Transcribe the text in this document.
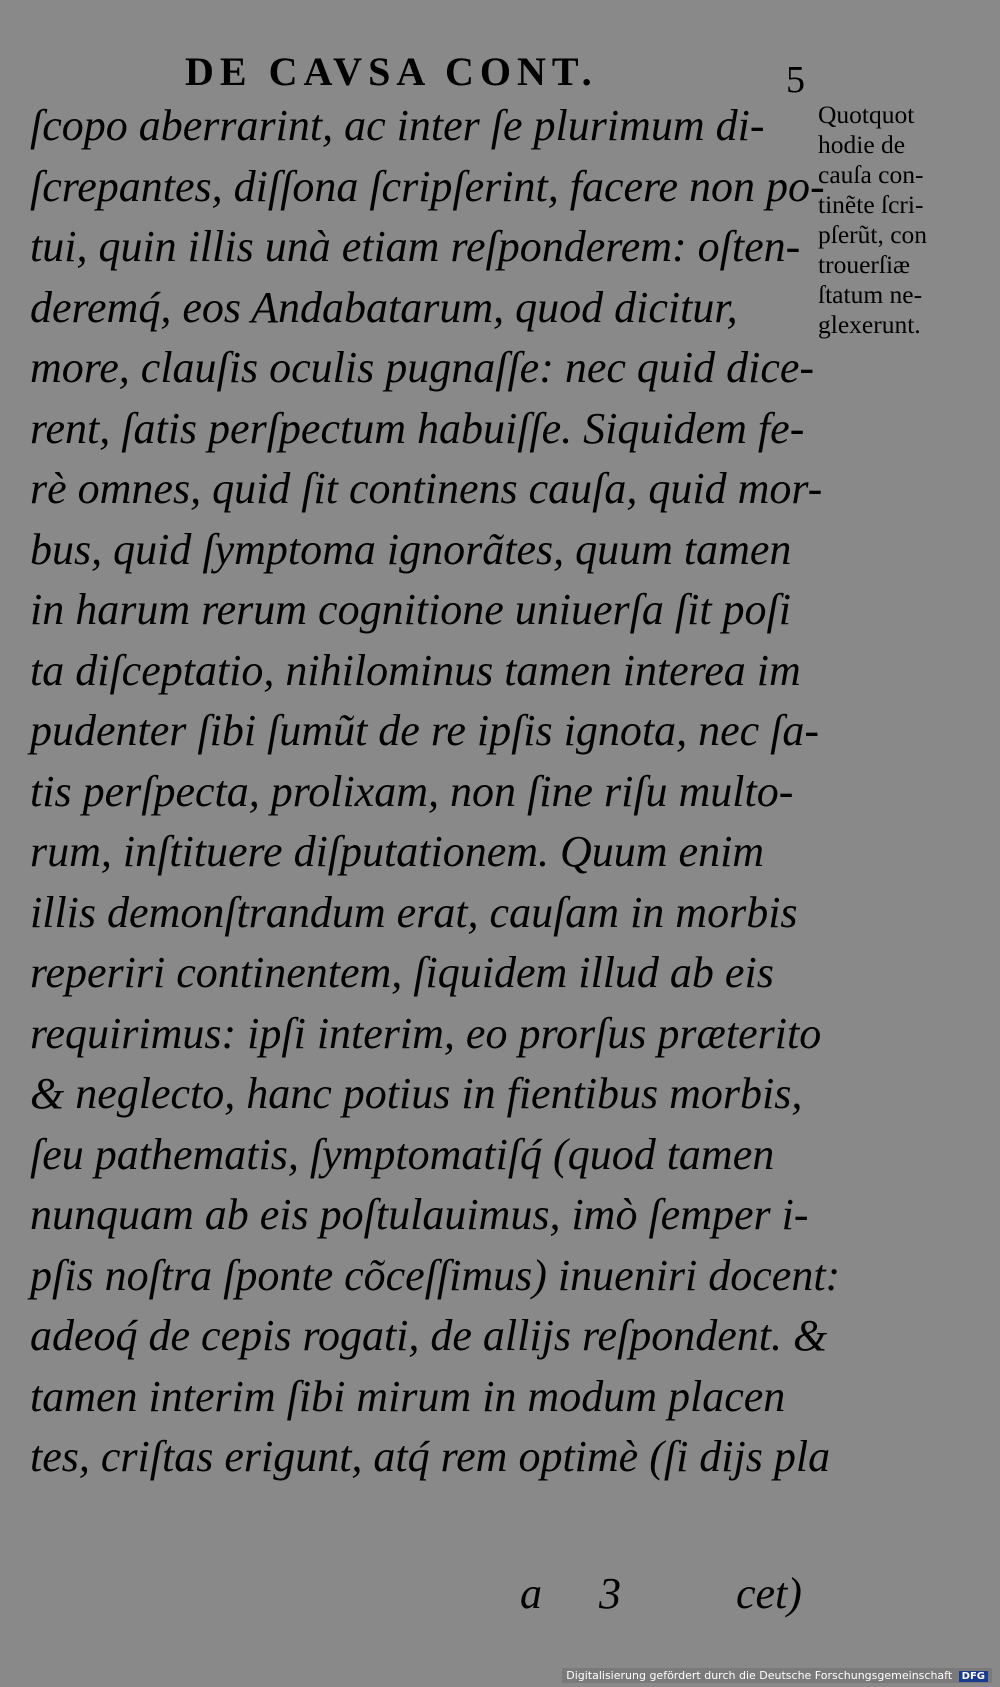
DE CAVSA CONT.	5
ſcopo aberrarint, ac inter ſe plurimum di-
ſcrepantes, diſſona ſcripſerint, facere non po-
tui, quin illis unà etiam reſponderem: oſten-
deremq́, eos Andabatarum, quod dicitur,
more, clauſis oculis pugnaſſe: nec quid dice-
rent, ſatis perſpectum habuiſſe. Siquidem fe-
rè omnes, quid ſit continens cauſa, quid mor-
bus, quid ſymptoma ignorãtes, quum tamen
in harum rerum cognitione uniuerſa ſit poſi
ta diſceptatio, nihilominus tamen interea im
pudenter ſibi ſumũt de re ipſis ignota, nec ſa-
tis perſpecta, prolixam, non ſine riſu multo-
rum, inſtituere diſputationem. Quum enim
illis demonſtrandum erat, cauſam in morbis
reperiri continentem, ſiquidem illud ab eis
requirimus: ipſi interim, eo prorſus præterito
& neglecto, hanc potius in fientibus morbis,
ſeu pathematis, ſymptomatiſq́ (quod tamen
nunquam ab eis poſtulauimus, imò ſemper i-
pſis noſtra ſponte cõceſſimus) inueniri docent:
adeoq́ de cepis rogati, de allijs reſpondent. &
tamen interim ſibi mirum in modum placen
tes, criſtas erigunt, atq́ rem optimè (ſi dijs pla
Quotquot
hodie de
cauſa con-
tinẽte ſcri-
pſerũt, con
trouerſiæ
ſtatum ne-
glexerunt.
a 3	cet)
Digitalisierung gefördert durch die Deutsche Forschungsgemeinschaft DFG
